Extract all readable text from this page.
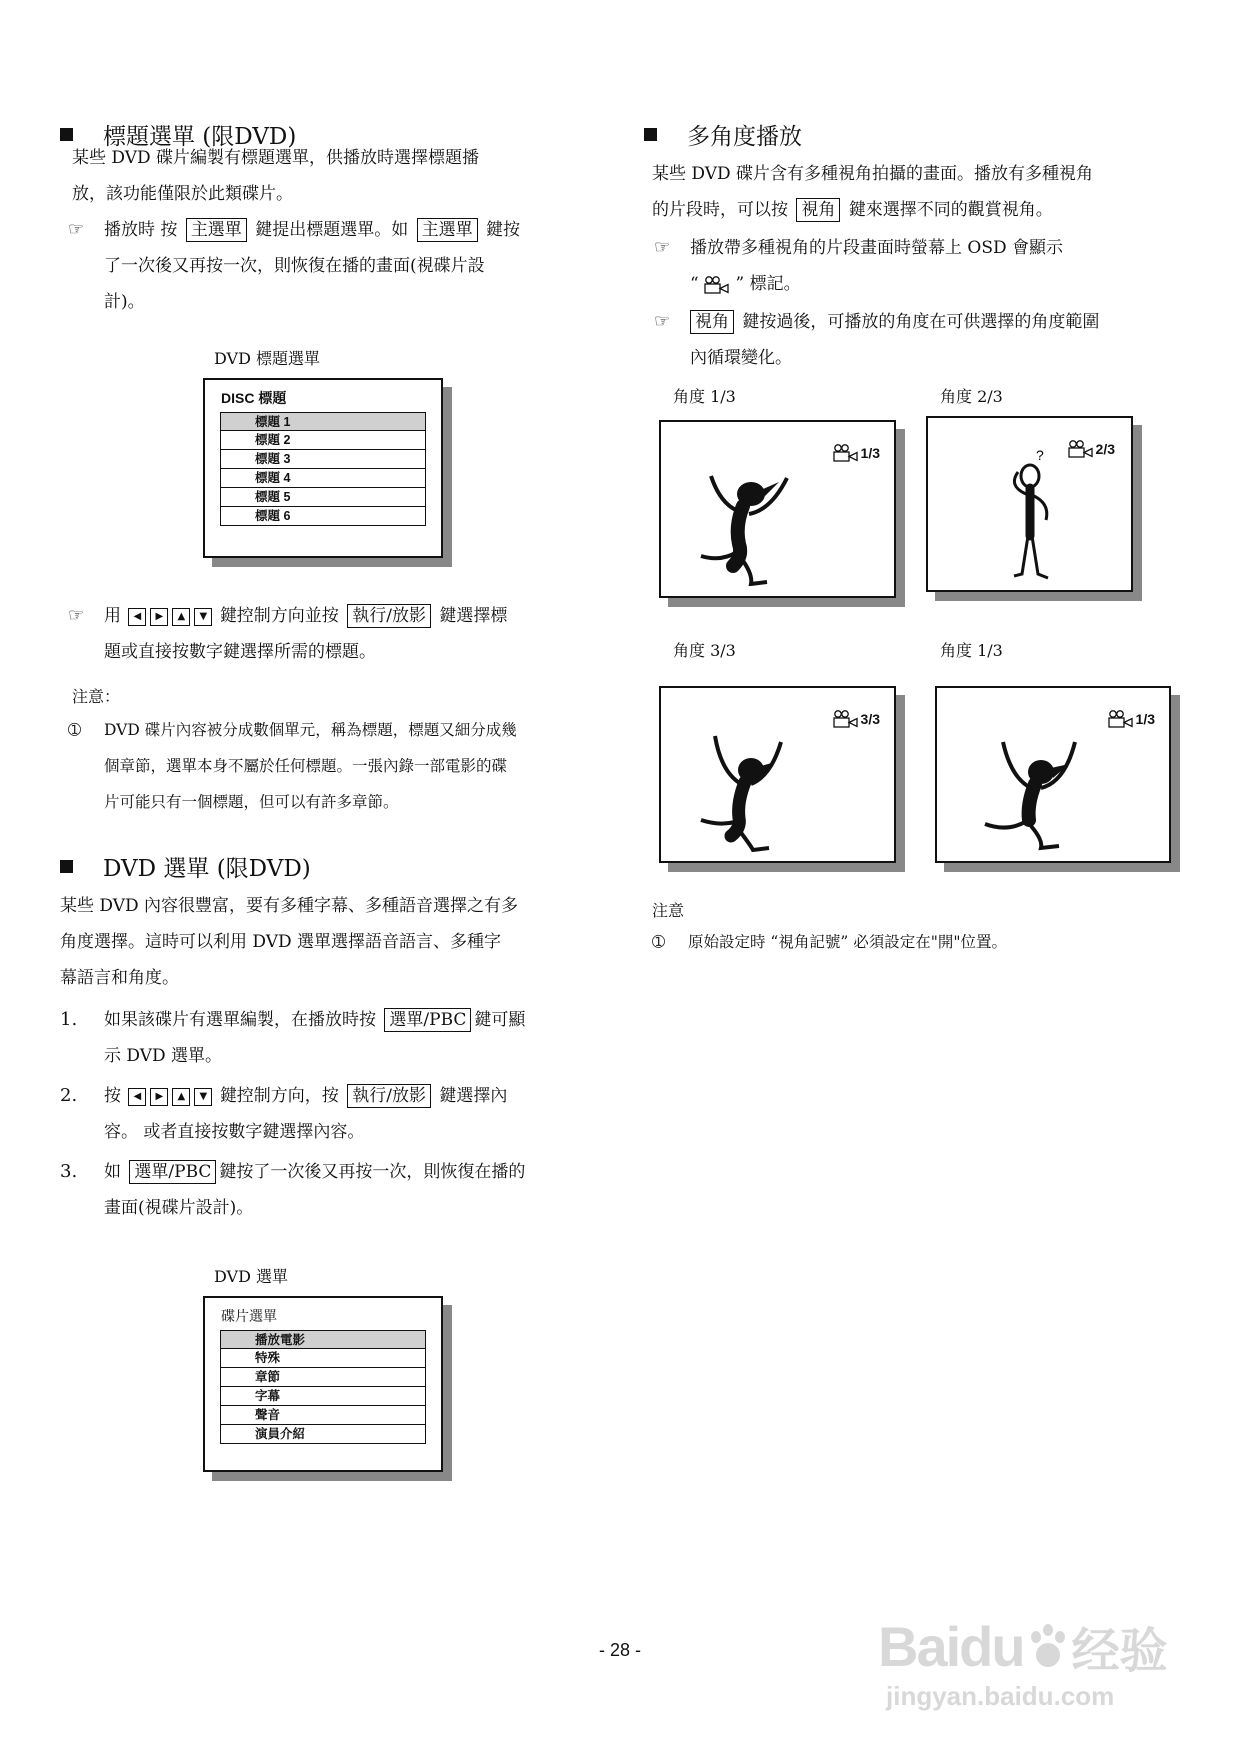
標題選單 (限DVD)
某些 DVD 碟片編製有標題選單，供播放時選擇標題播
放，該功能僅限於此類碟片。
☞	播放時 按 主選單 鍵提出標題選單。如 主選單 鍵按
了一次後又再按一次，則恢復在播的畫面(視碟片設
計)。
DVD 標題選單
DISC 標題
標題 1
標題 2
標題 3
標題 4
標題 5
標題 6
☞	用 ◀ ▶ ▲ ▼ 鍵控制方向並按 執行/放影 鍵選擇標
題或直接按數字鍵選擇所需的標題。
注意：
➀	DVD 碟片內容被分成數個單元，稱為標題，標題又細分成幾
個章節，選單本身不屬於任何標題。一張內錄一部電影的碟
片可能只有一個標題，但可以有許多章節。
DVD 選單 (限DVD)
某些 DVD 內容很豐富，要有多種字幕、多種語音選擇之有多
角度選擇。這時可以利用 DVD 選單選擇語音語言、多種字
幕語言和角度。
1.	如果該碟片有選單編製，在播放時按 選單/PBC 鍵可顯
示 DVD 選單。
2.	按 ◀ ▶ ▲ ▼ 鍵控制方向，按 執行/放影 鍵選擇內
容。 或者直接按數字鍵選擇內容。
3.	如 選單/PBC 鍵按了一次後又再按一次，則恢復在播的
畫面(視碟片設計)。
DVD 選單
碟片選單
播放電影
特殊
章節
字幕
聲音
演員介紹
多角度播放
某些 DVD 碟片含有多種視角拍攝的畫面。播放有多種視角
的片段時，可以按 視角 鍵來選擇不同的觀賞視角。
☞	播放帶多種視角的片段畫面時螢幕上 OSD 會顯示
“ ” 標記。
☞	視角 鍵按過後，可播放的角度在可供選擇的角度範圍
內循環變化。
角度 1/3	角度 2/3
角度 3/3	角度 1/3
1/3	2/3
?
3/3	1/3
注意
➀	原始設定時 “視角記號” 必須設定在"開"位置。
- 28 -	Baidu 经验
jingyan.baidu.com
